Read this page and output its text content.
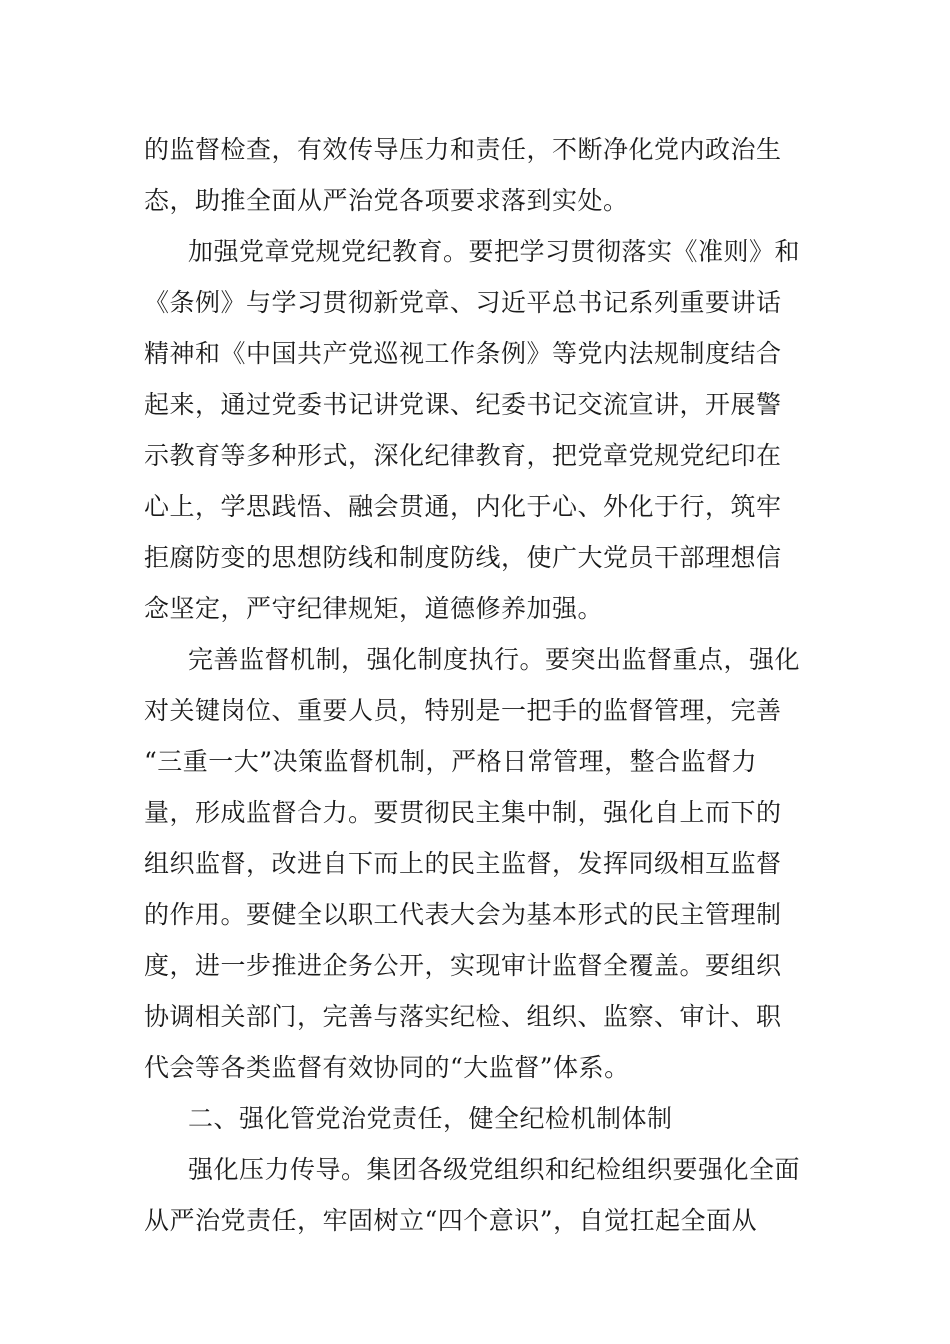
的监督检查，有效传导压力和责任，不断净化党内政治生
态，助推全面从严治党各项要求落到实处。
加强党章党规党纪教育。要把学习贯彻落实《准则》和
《条例》与学习贯彻新党章、习近平总书记系列重要讲话
精神和《中国共产党巡视工作条例》等党内法规制度结合
起来，通过党委书记讲党课、纪委书记交流宣讲，开展警
示教育等多种形式，深化纪律教育，把党章党规党纪印在
心上，学思践悟、融会贯通，内化于心、外化于行，筑牢
拒腐防变的思想防线和制度防线，使广大党员干部理想信
念坚定，严守纪律规矩，道德修养加强。
完善监督机制，强化制度执行。要突出监督重点，强化
对关键岗位、重要人员，特别是一把手的监督管理，完善
“三重一大”决策监督机制，严格日常管理，整合监督力
量，形成监督合力。要贯彻民主集中制，强化自上而下的
组织监督，改进自下而上的民主监督，发挥同级相互监督
的作用。要健全以职工代表大会为基本形式的民主管理制
度，进一步推进企务公开，实现审计监督全覆盖。要组织
协调相关部门，完善与落实纪检、组织、监察、审计、职
代会等各类监督有效协同的“大监督”体系。
二、强化管党治党责任，健全纪检机制体制
强化压力传导。集团各级党组织和纪检组织要强化全面
从严治党责任，牢固树立“四个意识”，自觉扛起全面从
